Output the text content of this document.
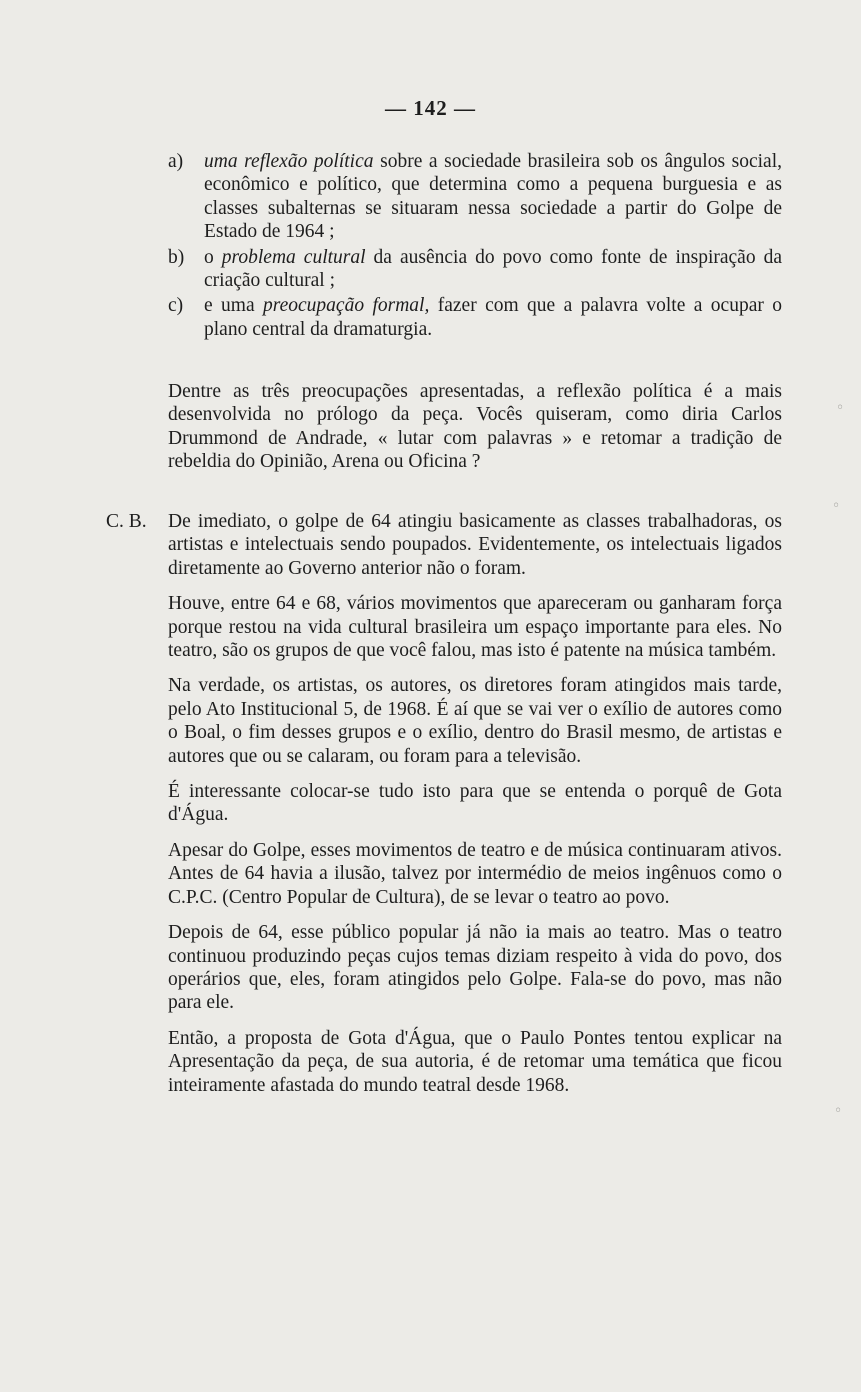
— 142 —
a) uma reflexão política sobre a sociedade brasileira sob os ângulos social, econômico e político, que determina como a pequena burguesia e as classes subalternas se situaram nessa sociedade a partir do Golpe de Estado de 1964 ;
b) o problema cultural da ausência do povo como fonte de inspiração da criação cultural ;
c) e uma preocupação formal, fazer com que a palavra volte a ocupar o plano central da dramaturgia.
Dentre as três preocupações apresentadas, a reflexão política é a mais desenvolvida no prólogo da peça. Vocês quiseram, como diria Carlos Drummond de Andrade, « lutar com palavras » e retomar a tradição de rebeldia do Opinião, Arena ou Oficina ?
C. B. De imediato, o golpe de 64 atingiu basicamente as classes trabalhadoras, os artistas e intelectuais sendo poupados. Evidentemente, os intelectuais ligados diretamente ao Governo anterior não o foram.
Houve, entre 64 e 68, vários movimentos que apareceram ou ganharam força porque restou na vida cultural brasileira um espaço importante para eles. No teatro, são os grupos de que você falou, mas isto é patente na música também.
Na verdade, os artistas, os autores, os diretores foram atingidos mais tarde, pelo Ato Institucional 5, de 1968. É aí que se vai ver o exílio de autores como o Boal, o fim desses grupos e o exílio, dentro do Brasil mesmo, de artistas e autores que ou se calaram, ou foram para a televisão.
É interessante colocar-se tudo isto para que se entenda o porquê de Gota d'Água.
Apesar do Golpe, esses movimentos de teatro e de música continuaram ativos. Antes de 64 havia a ilusão, talvez por intermédio de meios ingênuos como o C.P.C. (Centro Popular de Cultura), de se levar o teatro ao povo.
Depois de 64, esse público popular já não ia mais ao teatro. Mas o teatro continuou produzindo peças cujos temas diziam respeito à vida do povo, dos operários que, eles, foram atingidos pelo Golpe. Fala-se do povo, mas não para ele.
Então, a proposta de Gota d'Água, que o Paulo Pontes tentou explicar na Apresentação da peça, de sua autoria, é de retomar uma temática que ficou inteiramente afastada do mundo teatral desde 1968.
◦
◦
◦
